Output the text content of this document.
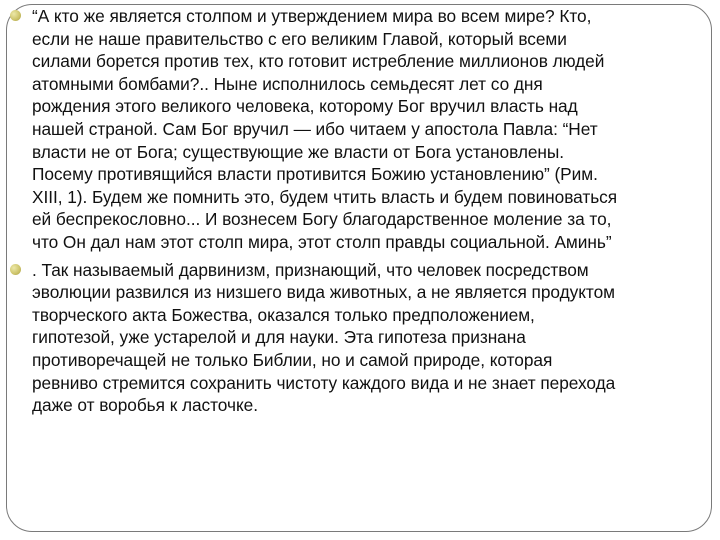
“А кто же является столпом и утверждением мира во всем мире? Кто,
если не наше правительство с его великим Главой, который всеми
силами борется против тех, кто готовит истребление миллионов людей
атомными бомбами?.. Ныне исполнилось семьдесят лет со дня
рождения этого великого человека, которому Бог вручил власть над
нашей страной. Сам Бог вручил — ибо читаем у апостола Павла: “Нет
власти не от Бога; существующие же власти от Бога установлены.
Посему противящийся власти противится Божию установлению” (Рим.
XIII, 1). Будем же помнить это, будем чтить власть и будем повиноваться
ей беспрекословно... И вознесем Богу благодарственное моление за то,
что Он дал нам этот столп мира, этот столп правды социальной. Аминь”
. Так называемый дарвинизм, признающий, что человек посредством
эволюции развился из низшего вида животных, а не является продуктом
творческого акта Божества, оказался только предположением,
гипотезой, уже устарелой и для науки. Эта гипотеза признана
противоречащей не только Библии, но и самой природе, которая
ревниво стремится сохранить чистоту каждого вида и не знает перехода
даже от воробья к ласточке.
